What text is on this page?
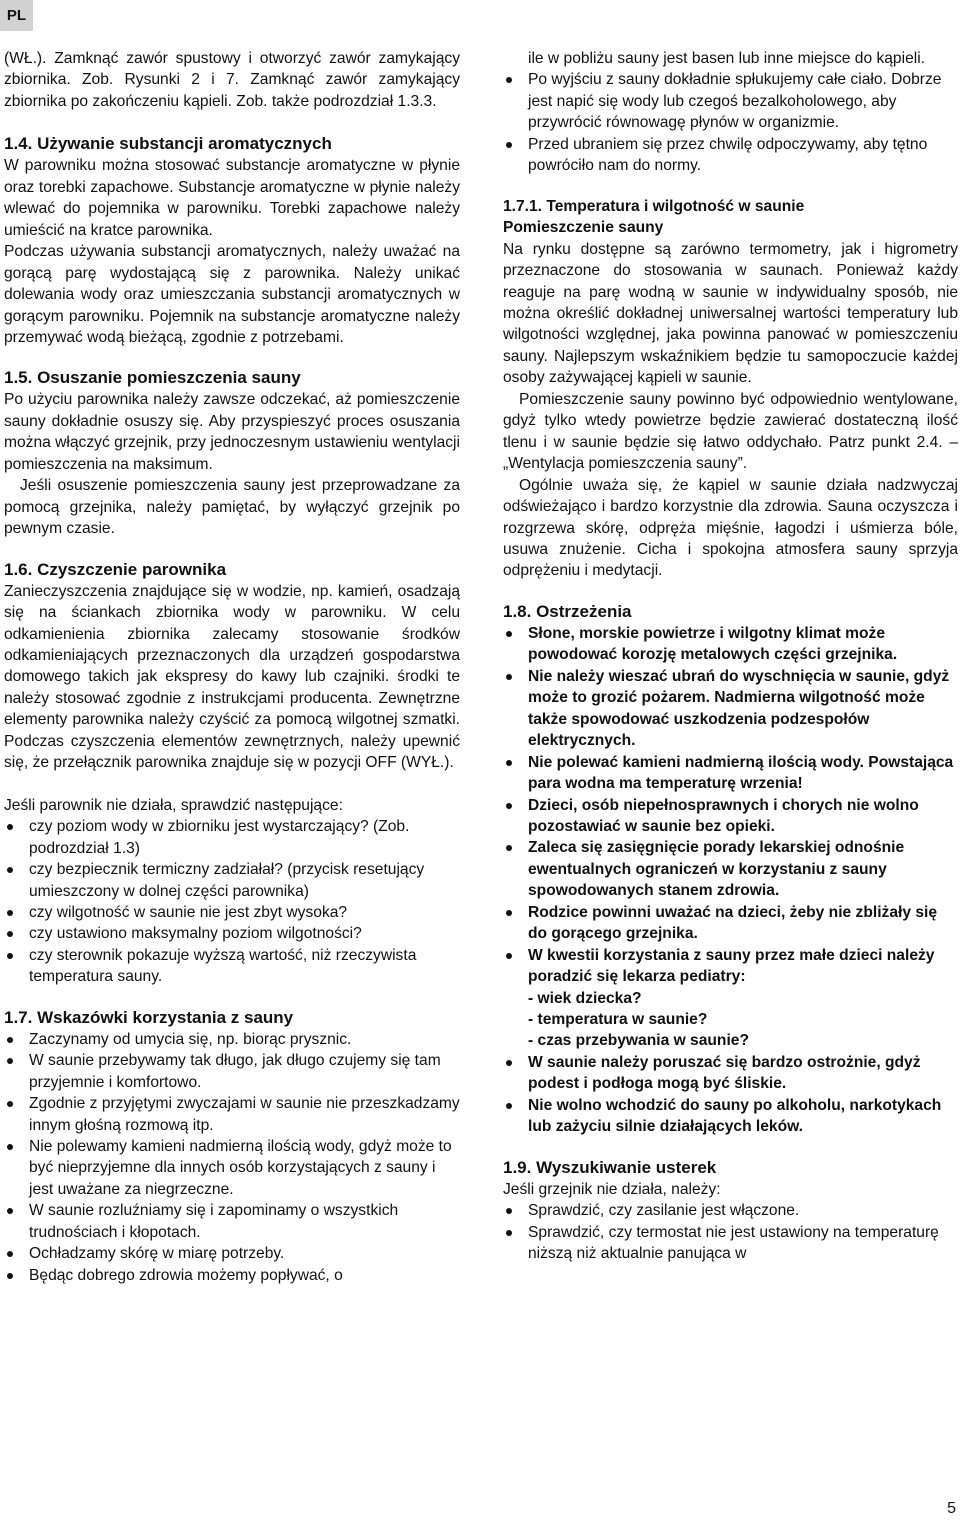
PL

(WŁ.). Zamknąć zawór spustowy i otworzyć zawór zamykający zbiornika. Zob. Rysunki 2 i 7. Zamknąć zawór zamykający zbiornika po zakończeniu kąpieli. Zob. także podrozdział 1.3.3.

1.4. Używanie substancji aromatycznych

W parowniku można stosować substancje aromatyczne w płynie oraz torebki zapachowe. Substancje aromatyczne w płynie należy wlewać do pojemnika w parowniku. Torebki zapachowe należy umieścić na kratce parownika.

Podczas używania substancji aromatycznych, należy uważać na gorącą parę wydostającą się z parownika. Należy unikać dolewania wody oraz umieszczania substancji aromatycznych w gorącym parowniku. Pojemnik na substancje aromatyczne należy przemywać wodą bieżącą, zgodnie z potrzebami.

1.5. Osuszanie pomieszczenia sauny

Po użyciu parownika należy zawsze odczekać, aż pomieszczenie sauny dokładnie osuszy się. Aby przyspieszyć proces osuszania można włączyć grzejnik, przy jednoczesnym ustawieniu wentylacji pomieszczenia na maksimum.

Jeśli osuszenie pomieszczenia sauny jest przeprowadzane za pomocą grzejnika, należy pamiętać, by wyłączyć grzejnik po pewnym czasie.

1.6. Czyszczenie parownika

Zanieczyszczenia znajdujące się w wodzie, np. kamień, osadzają się na ściankach zbiornika wody w parowniku. W celu odkamienienia zbiornika zalecamy stosowanie środków odkamieniających przeznaczonych dla urządzeń gospodarstwa domowego takich jak ekspresy do kawy lub czajniki. środki te należy stosować zgodnie z instrukcjami producenta. Zewnętrzne elementy parownika należy czyścić za pomocą wilgotnej szmatki. Podczas czyszczenia elementów zewnętrznych, należy upewnić się, że przełącznik parownika znajduje się w pozycji OFF (WYŁ.).

Jeśli parownik nie działa, sprawdzić następujące:

czy poziom wody w zbiorniku jest wystarczający? (Zob. podrozdział 1.3)
czy bezpiecznik termiczny zadziałał? (przycisk resetujący umieszczony w dolnej części parownika)
czy wilgotność w saunie nie jest zbyt wysoka?
czy ustawiono maksymalny poziom wilgotności?
czy sterownik pokazuje wyższą wartość, niż rzeczywista temperatura sauny.
1.7. Wskazówki korzystania z sauny
Zaczynamy od umycia się, np. biorąc prysznic.
W saunie przebywamy tak długo, jak długo czujemy się tam przyjemnie i komfortowo.
Zgodnie z przyjętymi zwyczajami w saunie nie przeszkadzamy innym głośną rozmową itp.
Nie polewamy kamieni nadmierną ilością wody, gdyż może to być nieprzyjemne dla innych osób korzystających z sauny i jest uważane za niegrzeczne.
W saunie rozluźniamy się i zapominamy o wszystkich trudnościach i kłopotach.
Ochładzamy skórę w miarę potrzeby.
Będąc dobrego zdrowia możemy popływać, o
ile w pobliżu sauny jest basen lub inne miejsce do kąpieli.
Po wyjściu z sauny dokładnie spłukujemy całe ciało. Dobrze jest napić się wody lub czegoś bezalkoholowego, aby przywrócić równowagę płynów w organizmie.
Przed ubraniem się przez chwilę odpoczywamy, aby tętno powróciło nam do normy.
1.7.1. Temperatura i wilgotność w saunie
Pomieszczenie sauny

Na rynku dostępne są zarówno termometry, jak i higrometry przeznaczone do stosowania w saunach. Ponieważ każdy reaguje na parę wodną w saunie w indywidualny sposób, nie można określić dokładnej uniwersalnej wartości temperatury lub wilgotności względnej, jaka powinna panować w pomieszczeniu sauny. Najlepszym wskaźnikiem będzie tu samopoczucie każdej osoby zażywającej kąpieli w saunie.

Pomieszczenie sauny powinno być odpowiednio wentylowane, gdyż tylko wtedy powietrze będzie zawierać dostateczną ilość tlenu i w saunie będzie się łatwo oddychało. Patrz punkt 2.4. – „Wentylacja pomieszczenia sauny”.

Ogólnie uważa się, że kąpiel w saunie działa nadzwyczaj odświeżająco i bardzo korzystnie dla zdrowia. Sauna oczyszcza i rozgrzewa skórę, odpręża mięśnie, łagodzi i uśmierza bóle, usuwa znużenie. Cicha i spokojna atmosfera sauny sprzyja odprężeniu i medytacji.

1.8. Ostrzeżenia
Słone, morskie powietrze i wilgotny klimat może powodować korozję metalowych części grzejnika.
Nie należy wieszać ubrań do wyschnięcia w saunie, gdyż może to grozić pożarem. Nadmierna wilgotność może także spowodować uszkodzenia podzespołów elektrycznych.
Nie polewać kamieni nadmierną ilością wody. Powstająca para wodna ma temperaturę wrzenia!
Dzieci, osób niepełnosprawnych i chorych nie wolno pozostawiać w saunie bez opieki.
Zalecа się zasięgnięcie porady lekarskiej odnośnie ewentualnych ograniczeń w korzystaniu z sauny spowodowanych stanem zdrowia.
Rodzice powinni uważać na dzieci, żeby nie zbliżały się do gorącego grzejnika.
W kwestii korzystania z sauny przez małe dzieci należy poradzić się lekarza pediatry:
- wiek dziecka?
- temperatura w saunie?
- czas przebywania w saunie?
W saunie należy poruszać się bardzo ostrożnie, gdyż podest i podłoga mogą być śliskie.
Nie wolno wchodzić do sauny po alkoholu, narkotykach lub zażyciu silnie działających leków.
1.9. Wyszukiwanie usterek

Jeśli grzejnik nie działa, należy:

Sprawdzić, czy zasilanie jest włączone.
Sprawdzić, czy termostat nie jest ustawiony na temperaturę niższą niż aktualnie panująca w
5
